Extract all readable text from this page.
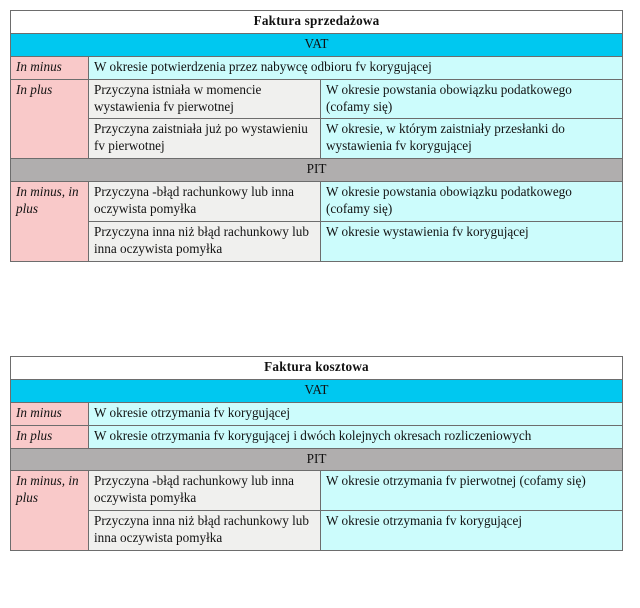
Faktura sprzedażowa		
VAT		
In minus	W okresie potwierdzenia przez nabywcę odbioru fv korygującej	
In plus	Przyczyna istniała w momencie wystawienia fv pierwotnej	W okresie powstania obowiązku podatkowego (cofamy się)
	Przyczyna zaistniała już po wystawieniu fv pierwotnej	W okresie, w którym zaistniały przesłanki do wystawienia fv korygującej
PIT		
In minus, in plus	Przyczyna -błąd rachunkowy lub inna oczywista pomyłka	W okresie powstania obowiązku podatkowego (cofamy się)
	Przyczyna inna niż błąd rachunkowy lub inna oczywista pomyłka	W okresie wystawienia fv korygującej
Faktura kosztowa		
VAT		
In minus	W okresie otrzymania fv korygującej	
In plus	W okresie otrzymania fv korygującej i dwóch kolejnych okresach rozliczeniowych	
PIT		
In minus, in plus	Przyczyna -błąd rachunkowy lub inna oczywista pomyłka	W okresie otrzymania fv pierwotnej (cofamy się)
	Przyczyna inna niż błąd rachunkowy lub inna oczywista pomyłka	W okresie otrzymania fv korygującej
